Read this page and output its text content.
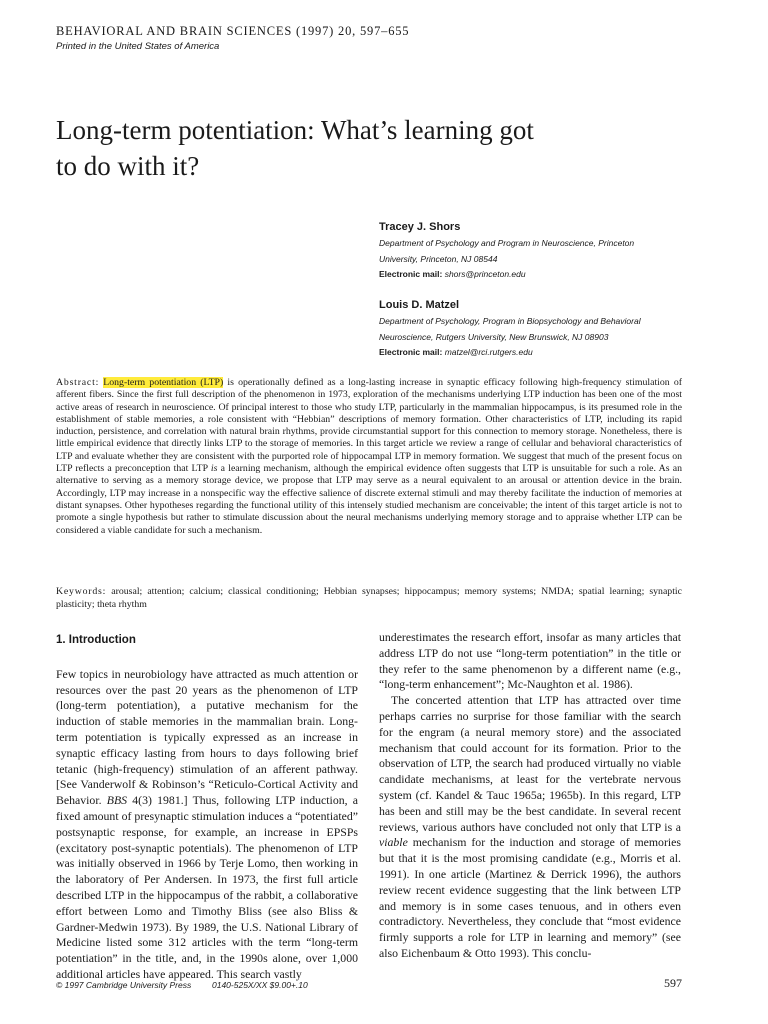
BEHAVIORAL AND BRAIN SCIENCES (1997) 20, 597–655
Printed in the United States of America
Long-term potentiation: What’s learning got to do with it?
Tracey J. Shors
Department of Psychology and Program in Neuroscience, Princeton
University, Princeton, NJ 08544
Electronic mail: shors@princeton.edu
Louis D. Matzel
Department of Psychology, Program in Biopsychology and Behavioral
Neuroscience, Rutgers University, New Brunswick, NJ 08903
Electronic mail: matzel@rci.rutgers.edu

Abstract: Long-term potentiation (LTP) is operationally defined as a long-lasting increase in synaptic efficacy following high-frequency stimulation of afferent fibers. Since the first full description of the phenomenon in 1973, exploration of the mechanisms underlying LTP induction has been one of the most active areas of research in neuroscience. Of principal interest to those who study LTP, particularly in the mammalian hippocampus, is its presumed role in the establishment of stable memories, a role consistent with “Hebbian” descriptions of memory formation. Other characteristics of LTP, including its rapid induction, persistence, and correlation with natural brain rhythms, provide circumstantial support for this connection to memory storage. Nonetheless, there is little empirical evidence that directly links LTP to the storage of memories. In this target article we review a range of cellular and behavioral characteristics of LTP and evaluate whether they are consistent with the purported role of hippocampal LTP in memory formation. We suggest that much of the present focus on LTP reflects a preconception that LTP is a learning mechanism, although the empirical evidence often suggests that LTP is unsuitable for such a role. As an alternative to serving as a memory storage device, we propose that LTP may serve as a neural equivalent to an arousal or attention device in the brain. Accordingly, LTP may increase in a nonspecific way the effective salience of discrete external stimuli and may thereby facilitate the induction of memories at distant synapses. Other hypotheses regarding the functional utility of this intensely studied mechanism are conceivable; the intent of this target article is not to promote a single hypothesis but rather to stimulate discussion about the neural mechanisms underlying memory storage and to appraise whether LTP can be considered a viable candidate for such a mechanism.

Keywords: arousal; attention; calcium; classical conditioning; Hebbian synapses; hippocampus; memory systems; NMDA; spatial learning; synaptic plasticity; theta rhythm

1. Introduction

Few topics in neurobiology have attracted as much attention or resources over the past 20 years as the phenomenon of LTP (long-term potentiation), a putative mechanism for the induction of stable memories in the mammalian brain. Long-term potentiation is typically expressed as an increase in synaptic efficacy lasting from hours to days following brief tetanic (high-frequency) stimulation of an afferent pathway. [See Vanderwolf & Robinson’s “Reticulo-Cortical Activity and Behavior. BBS 4(3) 1981.] Thus, following LTP induction, a fixed amount of presynaptic stimulation induces a “potentiated” postsynaptic response, for example, an increase in EPSPs (excitatory post-synaptic potentials). The phenomenon of LTP was initially observed in 1966 by Terje Lomo, then working in the laboratory of Per Andersen. In 1973, the first full article described LTP in the hippocampus of the rabbit, a collaborative effort between Lomo and Timothy Bliss (see also Bliss & Gardner-Medwin 1973). By 1989, the U.S. National Library of Medicine listed some 312 articles with the term “long-term potentiation” in the title, and, in the 1990s alone, over 1,000 additional articles have appeared. This search vastly

underestimates the research effort, insofar as many articles that address LTP do not use “long-term potentiation” in the title or they refer to the same phenomenon by a different name (e.g., “long-term enhancement”; Mc-Naughton et al. 1986).

The concerted attention that LTP has attracted over time perhaps carries no surprise for those familiar with the search for the engram (a neural memory store) and the associated mechanism that could account for its formation. Prior to the observation of LTP, the search had produced virtually no viable candidate mechanisms, at least for the vertebrate nervous system (cf. Kandel & Tauc 1965a; 1965b). In this regard, LTP has been and still may be the best candidate. In several recent reviews, various authors have concluded not only that LTP is a viable mechanism for the induction and storage of memories but that it is the most promising candidate (e.g., Morris et al. 1991). In one article (Martinez & Derrick 1996), the authors review recent evidence suggesting that the link between LTP and memory is in some cases tenuous, and in others even contradictory. Nevertheless, they conclude that “most evidence firmly supports a role for LTP in learning and memory” (see also Eichenbaum & Otto 1993). This conclu-

© 1997 Cambridge University Press 0140-525X/XX $9.00+.10	597
